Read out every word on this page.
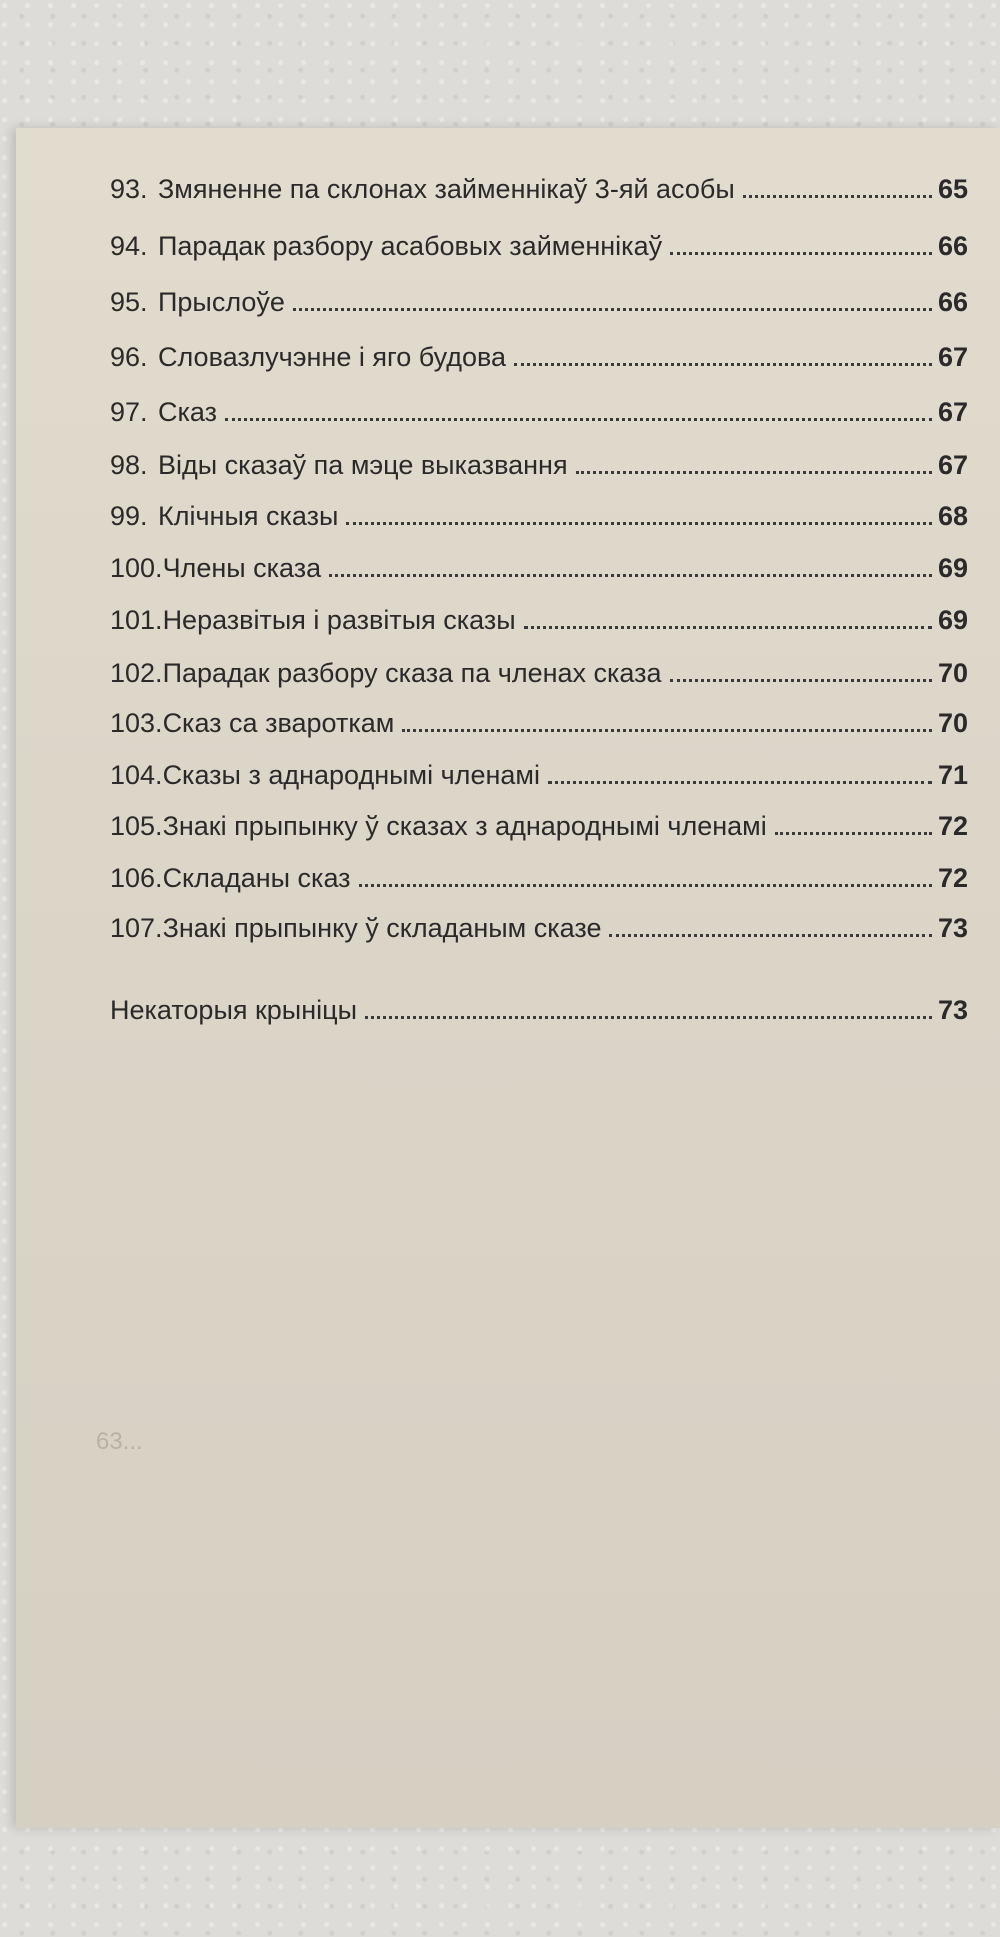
93. Змяненне па склонах займеннікаў 3-яй асобы	65
94. Парадак разбору асабовых займеннікаў	66
95. Прыслоўе	66
96. Словазлучэнне і яго будова	67
97. Сказ	67
98. Віды сказаў па мэце выказвання	67
99. Клічныя сказы	68
100. Члены сказа	69
101. Неразвітыя і развітыя сказы	69
102. Парадак разбору сказа па членах сказа	70
103. Сказ са звароткам	70
104. Сказы з аднароднымі членамі	71
105. Знакі прыпынку ў сказах з аднароднымі членамі	72
106. Складаны сказ	72
107. Знакі прыпынку ў складаным сказе	73
Некаторыя крыніцы	73
63...
